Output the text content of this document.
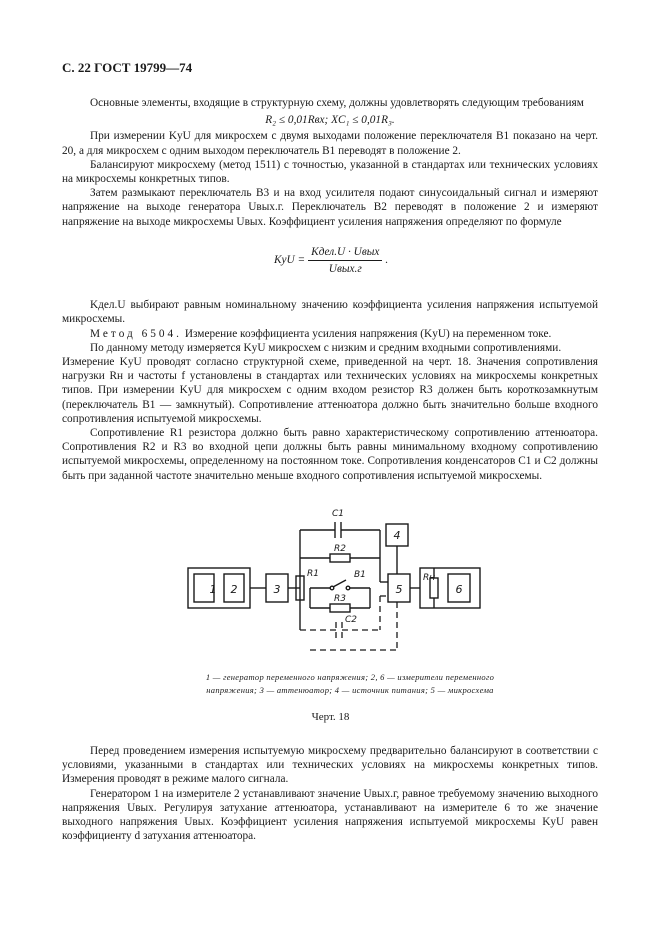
С. 22 ГОСТ 19799—74

Основные элементы, входящие в структурную схему, должны удовлетворять следующим требованиям

R₂ ≤ 0,01Rвх; XC₁ ≤ 0,01R₃.

При измерении KуU для микросхем с двумя выходами положение переключателя B1 показано на черт. 20, а для микросхем с одним выходом переключатель B1 переводят в положение 2.

Балансируют микросхему (метод 1511) с точностью, указанной в стандартах или технических условиях на микросхемы конкретных типов.

Затем размыкают переключатель B3 и на вход усилителя подают синусоидальный сигнал и измеряют напряжение на выходе генератора Uвых.г. Переключатель B2 переводят в положение 2 и измеряют напряжение на выходе микросхемы Uвых. Коэффициент усиления напряжения определяют по формуле

KуU = $\frac{\text{Kдел.U · Uвых}}{\text{Uвых.г}}$ .

Kдел.U выбирают равным номинальному значению коэффициента усиления напряжения испытуемой микросхемы.

Метод 6504. Измерение коэффициента усиления напряжения (KуU) на переменном токе.

По данному методу измеряется KуU микросхем с низким и средним входными сопротивлениями.

Измерение KуU проводят согласно структурной схеме, приведенной на черт. 18. Значения сопротивления нагрузки Rн и частоты f установлены в стандартах или технических условиях на микросхемы конкретных типов. При измерении KуU для микросхем с одним входом резистор R3 должен быть короткозамкнутым (переключатель B1 — замкнутый). Сопротивление аттенюатора должно быть значительно больше входного сопротивления испытуемой микросхемы.

Сопротивление R1 резистора должно быть равно характеристическому сопротивлению аттенюатора. Сопротивления R2 и R3 во входной цепи должны быть равны минимальному входному сопротивлению испытуемой микросхемы, определенному на постоянном токе. Сопротивления конденсаторов C1 и C2 должны быть при заданной частоте значительно меньше входного сопротивления испытуемой микросхемы.

1 2	3
4
5	6
C1
R2
R1	B1
R3
C2
Rн
1 — генератор переменного напряжения; 2, 6 — измерители переменного напряжения; 3 — аттенюатор; 4 — источник питания; 5 — микросхема
Черт. 18

Перед проведением измерения испытуемую микросхему предварительно балансируют в соответствии с условиями, указанными в стандартах или технических условиях на микросхемы конкретных типов. Измерения проводят в режиме малого сигнала.

Генератором 1 на измерителе 2 устанавливают значение Uвых.г, равное требуемому значению выходного напряжения Uвых. Регулируя затухание аттенюатора, устанавливают на измерителе 6 то же значение выходного напряжения Uвых. Коэффициент усиления напряжения испытуемой микросхемы KуU равен коэффициенту d затухания аттенюатора.
